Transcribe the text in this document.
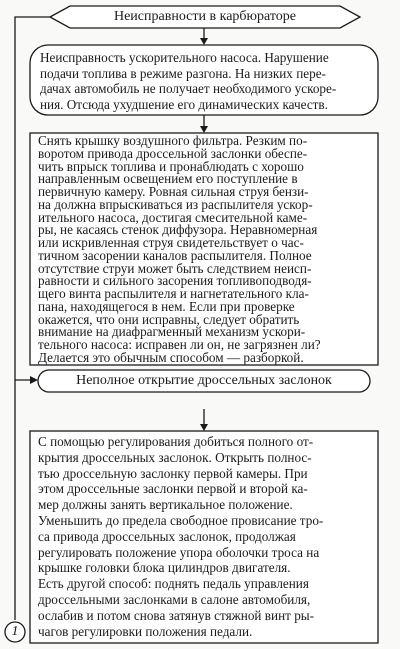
Неисправности в карбюраторе
Неисправность ускорительного насоса. Нарушение
подачи топлива в режиме разгона. На низких пере-
дачах автомобиль не получает необходимого ускоре-
ния. Отсюда ухудшение его динамических качеств.
Снять крышку воздушного фильтра. Резким по-
воротом привода дроссельной заслонки обеспе-
чить впрыск топлива и пронаблюдать с хорошо
направленным освещением его поступление в
первичную камеру. Ровная сильная струя бензи-
на должна впрыскиваться из распылителя ускор-
ительного насоса, достигая смесительной каме-
ры, не касаясь стенок диффузора. Неравномерная
или искривленная струя свидетельствует о час-
тичном засорении каналов распылителя. Полное
отсутствие струи может быть следствием неисп-
равности и сильного засорения топливоподводя-
щего винта распылителя и нагнетательного кла-
пана, находящегося в нем. Если при проверке
окажется, что они исправны, следует обратить
внимание на диафрагменный механизм ускори-
тельного насоса: исправен ли он, не загрязнен ли?
Делается это обычным способом — разборкой.
Неполное открытие дроссельных заслонок
С помощью регулирования добиться полного от-
крытия дроссельных заслонок. Открыть полнос-
тью дроссельную заслонку первой камеры. При
этом дроссельные заслонки первой и второй ка-
мер должны занять вертикальное положение.
Уменьшить до предела свободное провисание тро-
са привода дроссельных заслонок, продолжая
регулировать положение упора оболочки троса на
крышке головки блока цилиндров двигателя.
Есть другой способ: поднять педаль управления
дроссельными заслонками в салоне автомобиля,
ослабив и потом снова затянув стяжной винт ры-
чагов регулировки положения педали.
1
